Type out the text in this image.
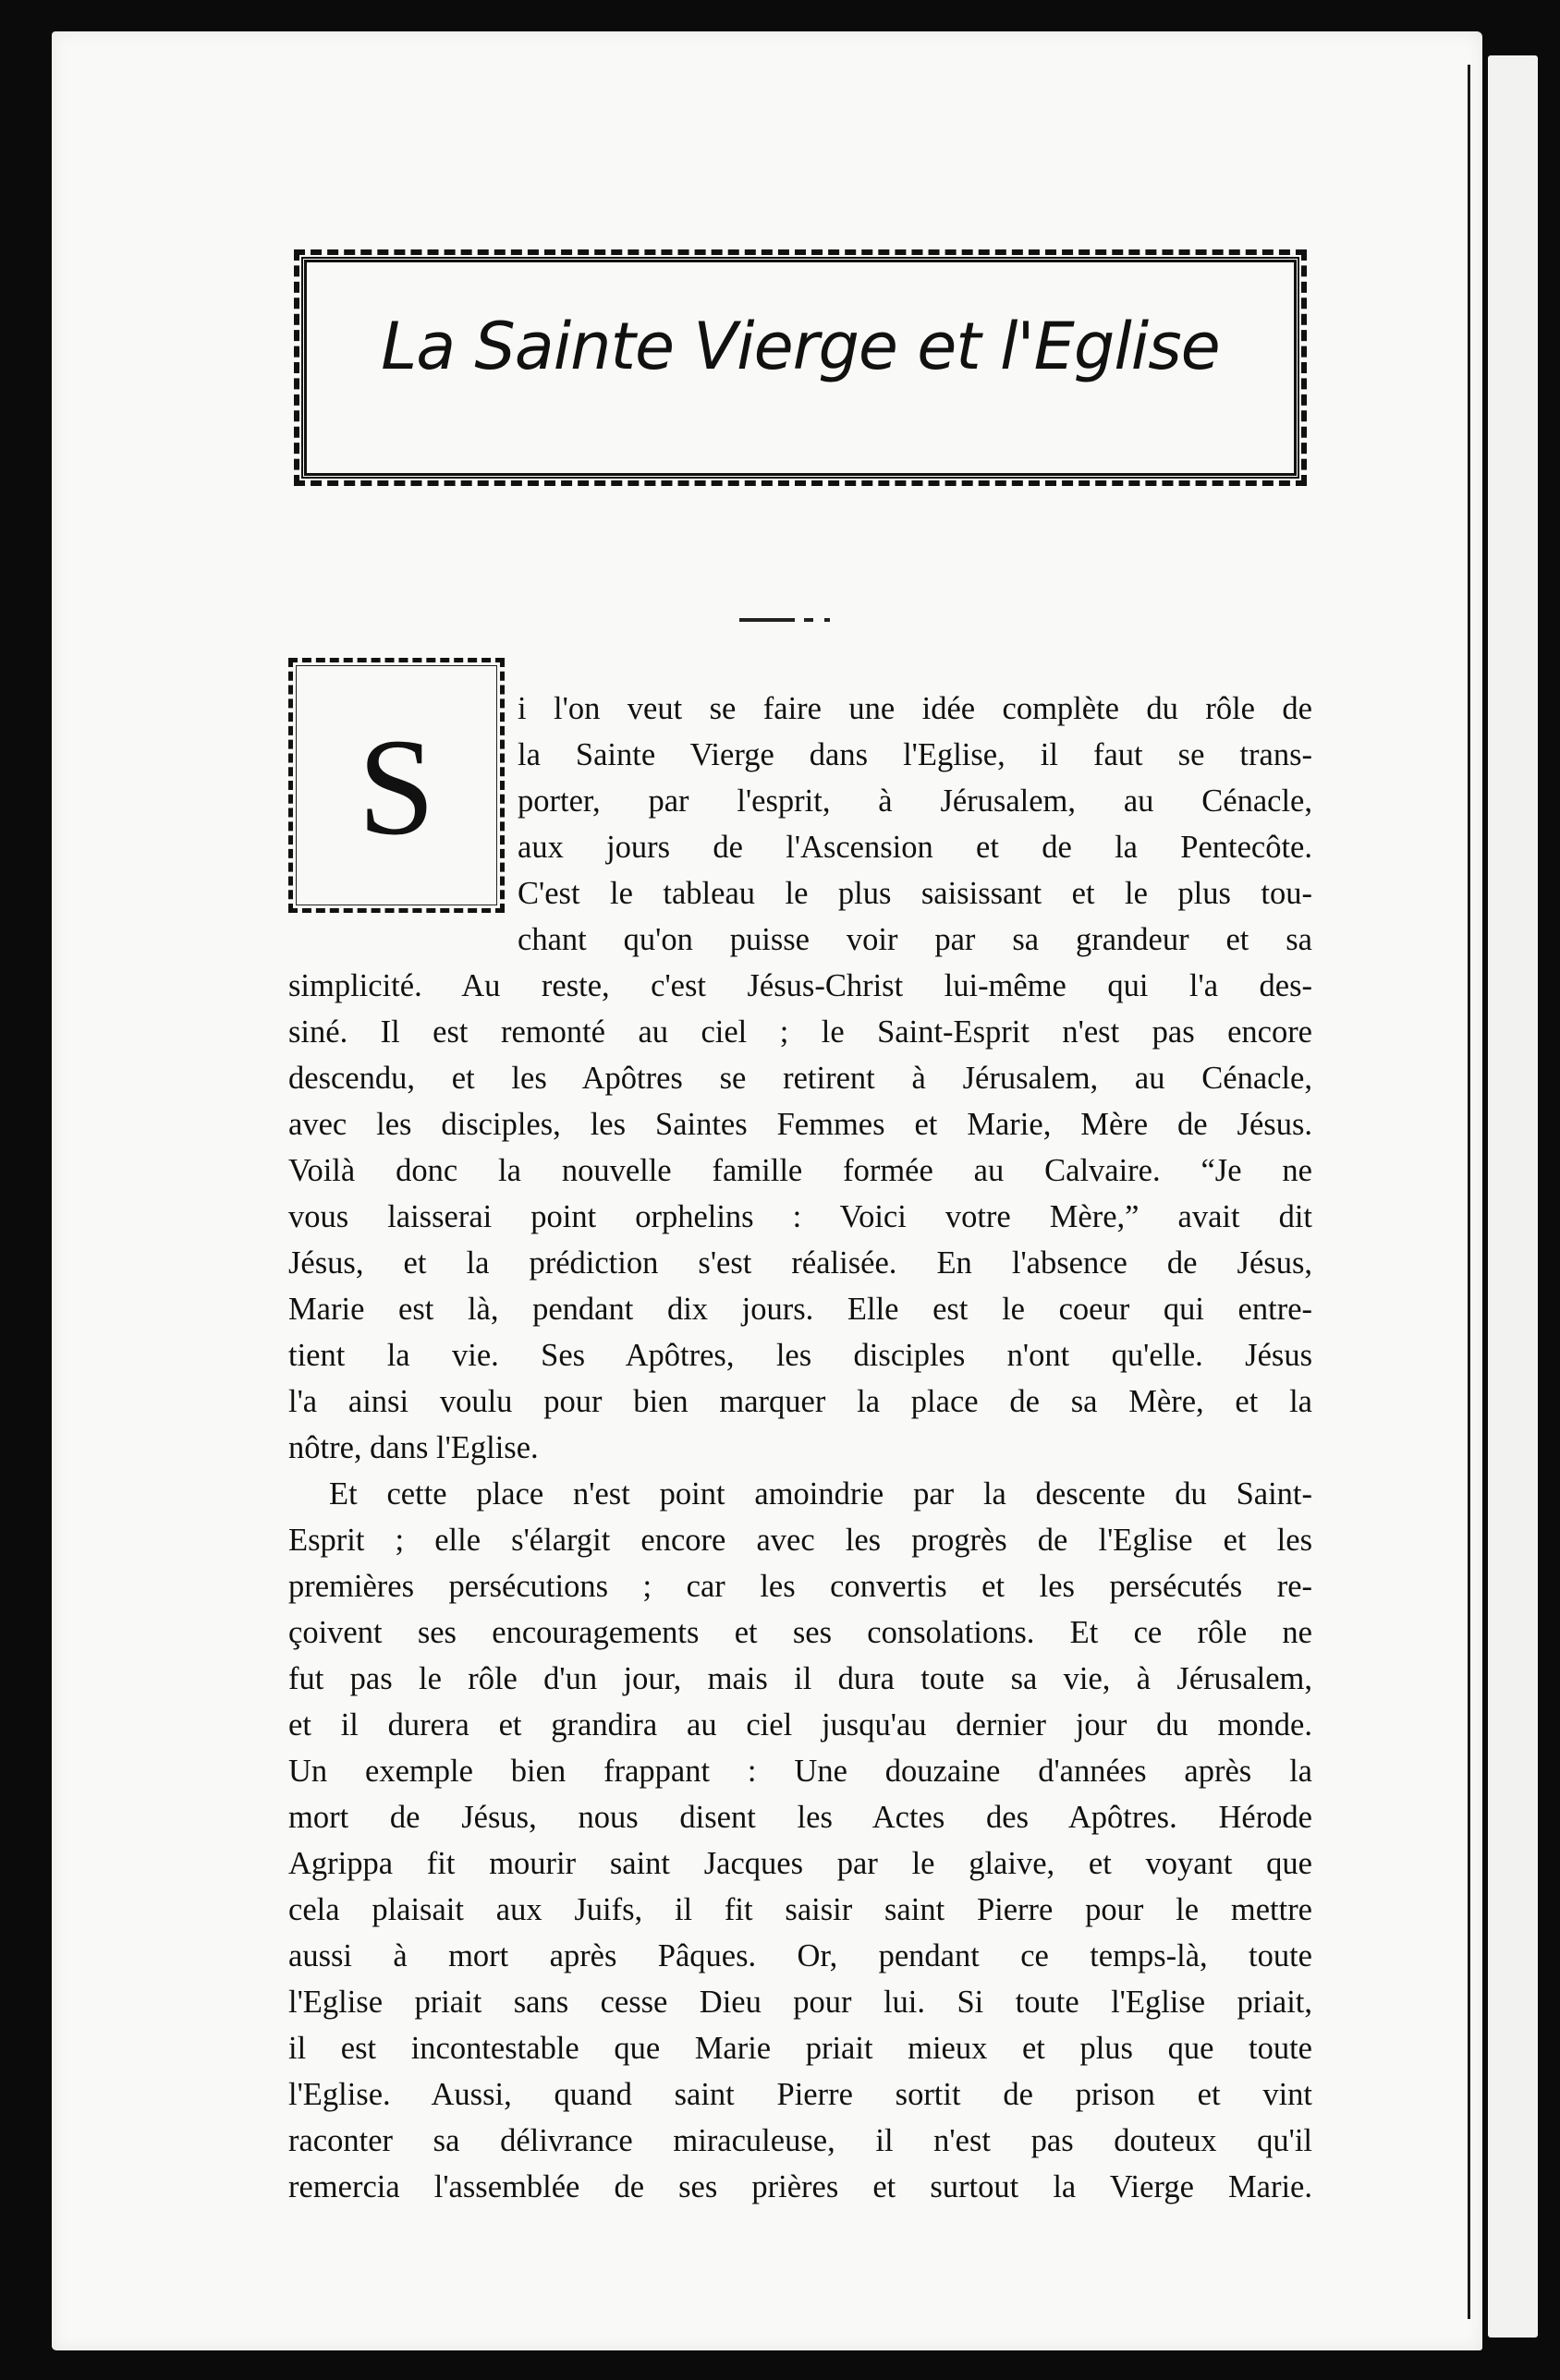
La Sainte Vierge et l'Eglise
S
i l'on veut se faire une idée complète du rôle de
la Sainte Vierge dans l'Eglise, il faut se trans-
porter, par l'esprit, à Jérusalem, au Cénacle,
aux jours de l'Ascension et de la Pentecôte.
C'est le tableau le plus saisissant et le plus tou-
chant qu'on puisse voir par sa grandeur et sa
simplicité. Au reste, c'est Jésus-Christ lui-même qui l'a des-
siné. Il est remonté au ciel ; le Saint-Esprit n'est pas encore
descendu, et les Apôtres se retirent à Jérusalem, au Cénacle,
avec les disciples, les Saintes Femmes et Marie, Mère de Jésus.
Voilà donc la nouvelle famille formée au Calvaire. “Je ne
vous laisserai point orphelins : Voici votre Mère,” avait dit
Jésus, et la prédiction s'est réalisée. En l'absence de Jésus,
Marie est là, pendant dix jours. Elle est le coeur qui entre-
tient la vie. Ses Apôtres, les disciples n'ont qu'elle. Jésus
l'a ainsi voulu pour bien marquer la place de sa Mère, et la
nôtre, dans l'Eglise.
Et cette place n'est point amoindrie par la descente du Saint-
Esprit ; elle s'élargit encore avec les progrès de l'Eglise et les
premières persécutions ; car les convertis et les persécutés re-
çoivent ses encouragements et ses consolations. Et ce rôle ne
fut pas le rôle d'un jour, mais il dura toute sa vie, à Jérusalem,
et il durera et grandira au ciel jusqu'au dernier jour du monde.
Un exemple bien frappant : Une douzaine d'années après la
mort de Jésus, nous disent les Actes des Apôtres. Hérode
Agrippa fit mourir saint Jacques par le glaive, et voyant que
cela plaisait aux Juifs, il fit saisir saint Pierre pour le mettre
aussi à mort après Pâques. Or, pendant ce temps-là, toute
l'Eglise priait sans cesse Dieu pour lui. Si toute l'Eglise priait,
il est incontestable que Marie priait mieux et plus que toute
l'Eglise. Aussi, quand saint Pierre sortit de prison et vint
raconter sa délivrance miraculeuse, il n'est pas douteux qu'il
remercia l'assemblée de ses prières et surtout la Vierge Marie.
